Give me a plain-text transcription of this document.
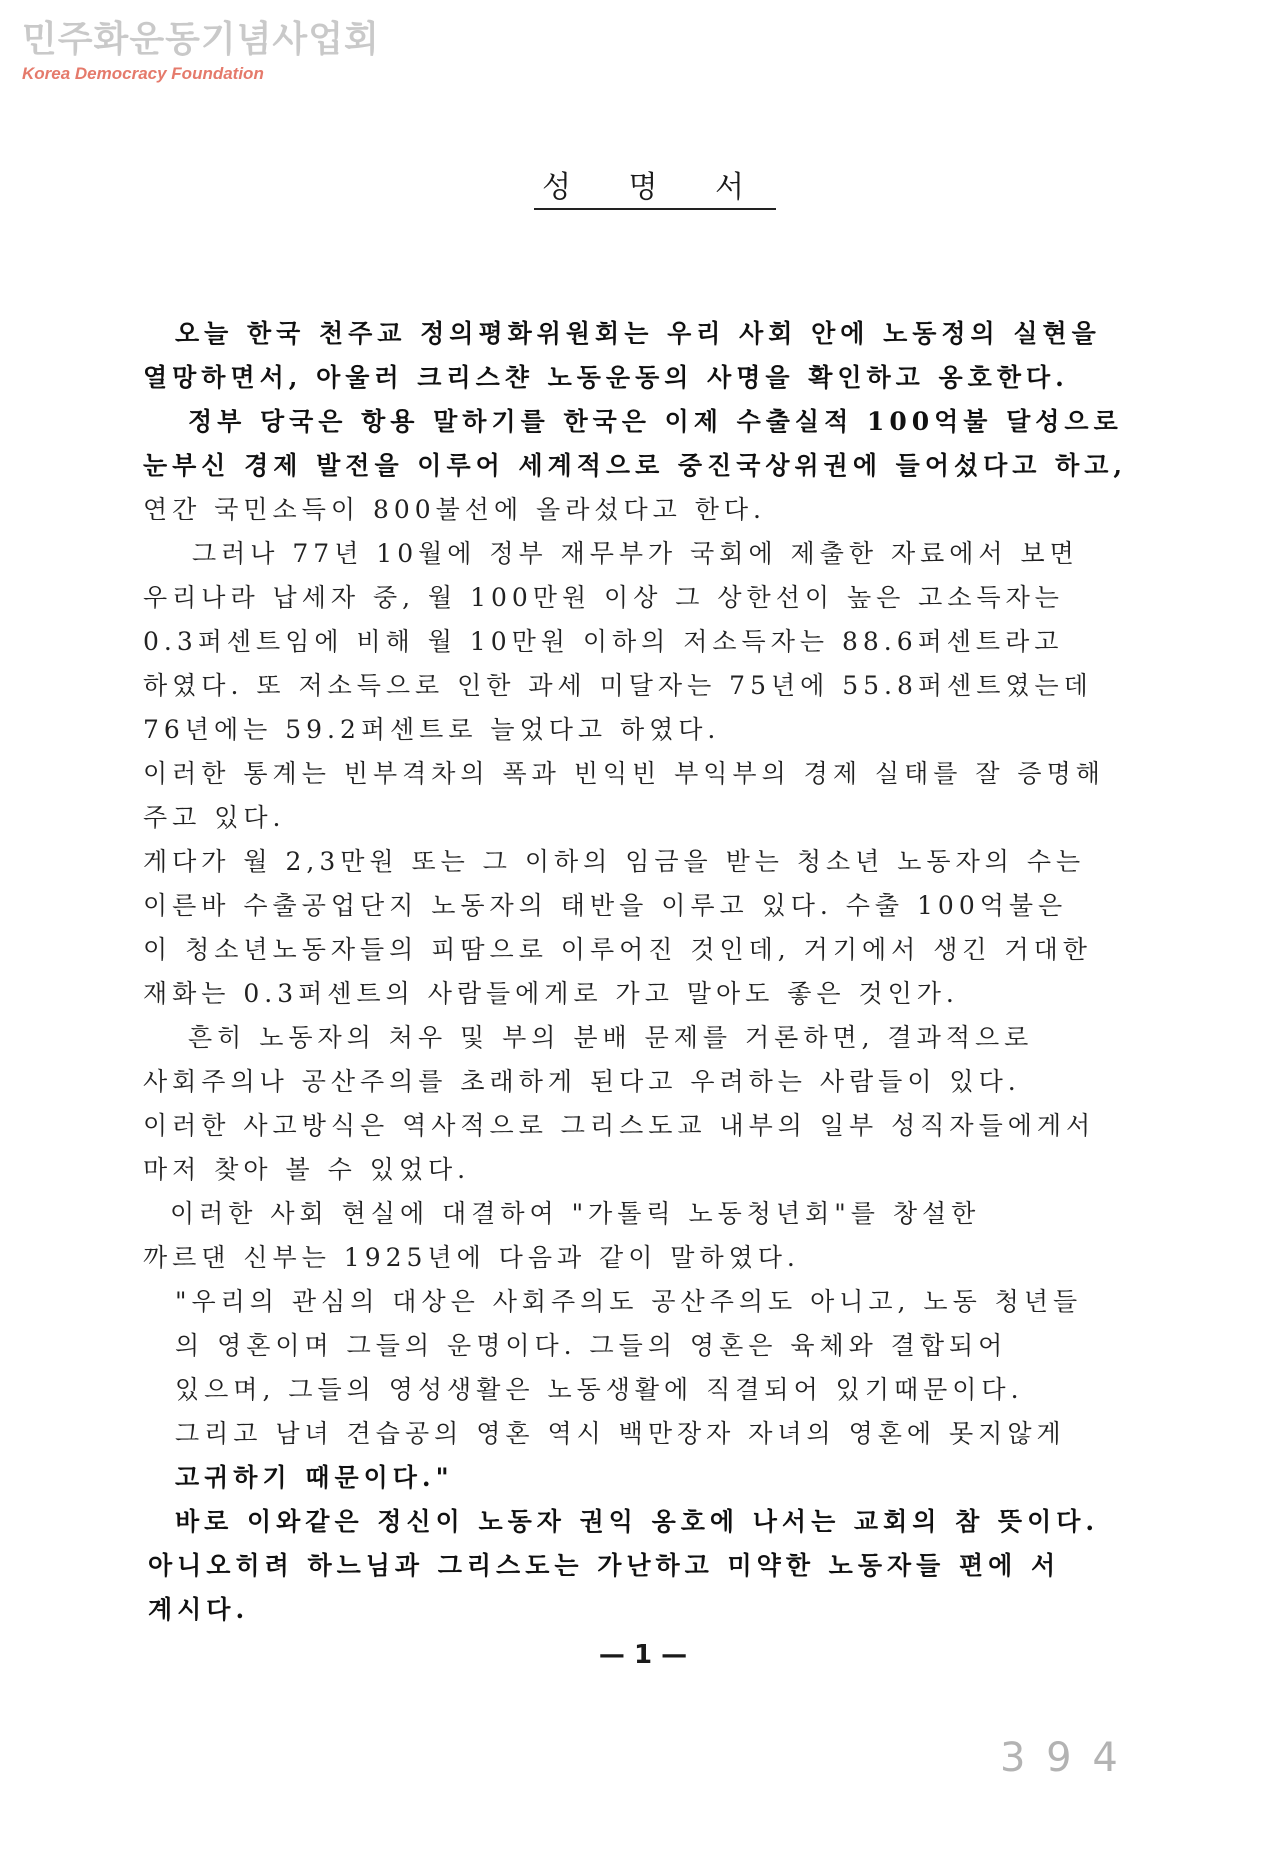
민주화운동기념사업회
Korea Democracy Foundation
성 명 서
오늘 한국 천주교 정의평화위원회는 우리 사회 안에 노동정의 실현을
열망하면서, 아울러 크리스챤 노동운동의 사명을 확인하고 옹호한다.
정부 당국은 항용 말하기를 한국은 이제 수출실적 100억불 달성으로
눈부신 경제 발전을 이루어 세계적으로 중진국상위권에 들어섰다고 하고,
연간 국민소득이 800불선에 올라섰다고 한다.
그러나 77년 10월에 정부 재무부가 국회에 제출한 자료에서 보면
우리나라 납세자 중, 월 100만원 이상 그 상한선이 높은 고소득자는
0.3퍼센트임에 비해 월 10만원 이하의 저소득자는 88.6퍼센트라고
하였다. 또 저소득으로 인한 과세 미달자는 75년에 55.8퍼센트였는데
76년에는 59.2퍼센트로 늘었다고 하였다.
이러한 통계는 빈부격차의 폭과 빈익빈 부익부의 경제 실태를 잘 증명해
주고 있다.
게다가 월 2,3만원 또는 그 이하의 임금을 받는 청소년 노동자의 수는
이른바 수출공업단지 노동자의 태반을 이루고 있다. 수출 100억불은
이 청소년노동자들의 피땀으로 이루어진 것인데, 거기에서 생긴 거대한
재화는 0.3퍼센트의 사람들에게로 가고 말아도 좋은 것인가.
흔히 노동자의 처우 및 부의 분배 문제를 거론하면, 결과적으로
사회주의나 공산주의를 초래하게 된다고 우려하는 사람들이 있다.
이러한 사고방식은 역사적으로 그리스도교 내부의 일부 성직자들에게서
마저 찾아 볼 수 있었다.
이러한 사회 현실에 대결하여 "가톨릭 노동청년회"를 창설한
까르댄 신부는 1925년에 다음과 같이 말하였다.
"우리의 관심의 대상은 사회주의도 공산주의도 아니고, 노동 청년들
의 영혼이며 그들의 운명이다. 그들의 영혼은 육체와 결합되어
있으며, 그들의 영성생활은 노동생활에 직결되어 있기때문이다.
그리고 남녀 견습공의 영혼 역시 백만장자 자녀의 영혼에 못지않게
고귀하기 때문이다."
바로 이와같은 정신이 노동자 권익 옹호에 나서는 교회의 참 뜻이다.
아니오히려 하느님과 그리스도는 가난하고 미약한 노동자들 편에 서
계시다.
— 1 —
3 9 4
